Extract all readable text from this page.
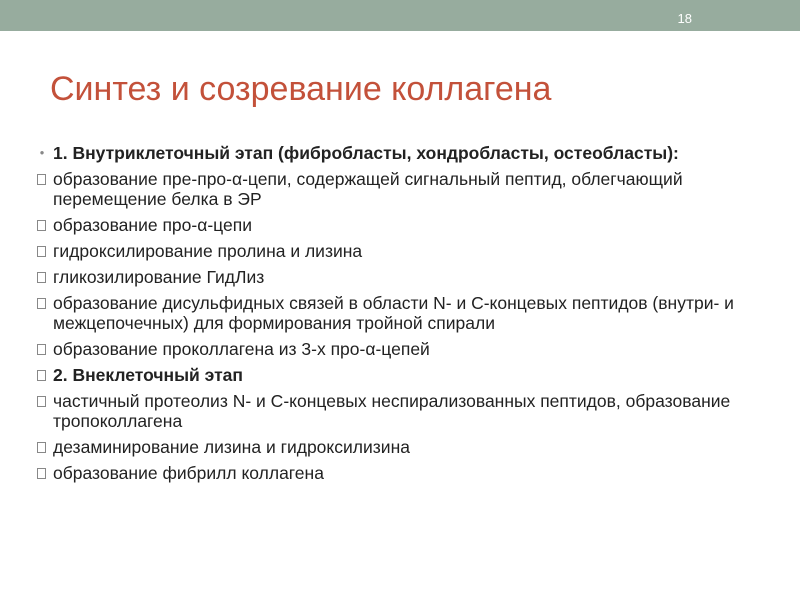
18
Синтез и созревание коллагена
● 1. Внутриклеточный этап (фибробласты, хондробласты, остеобласты):
образование пре-про-α-цепи, содержащей сигнальный пептид, облегчающий перемещение белка в ЭР
образование про-α-цепи
гидроксилирование пролина и лизина
гликозилирование ГидЛиз
образование дисульфидных связей в области N- и С-концевых пептидов (внутри- и межцепочечных) для формирования тройной спирали
образование проколлагена из 3-х про-α-цепей
2. Внеклеточный этап
частичный протеолиз N- и С-концевых неспирализованных пептидов, образование тропоколлагена
дезаминирование лизина и гидроксилизина
образование фибрилл коллагена
